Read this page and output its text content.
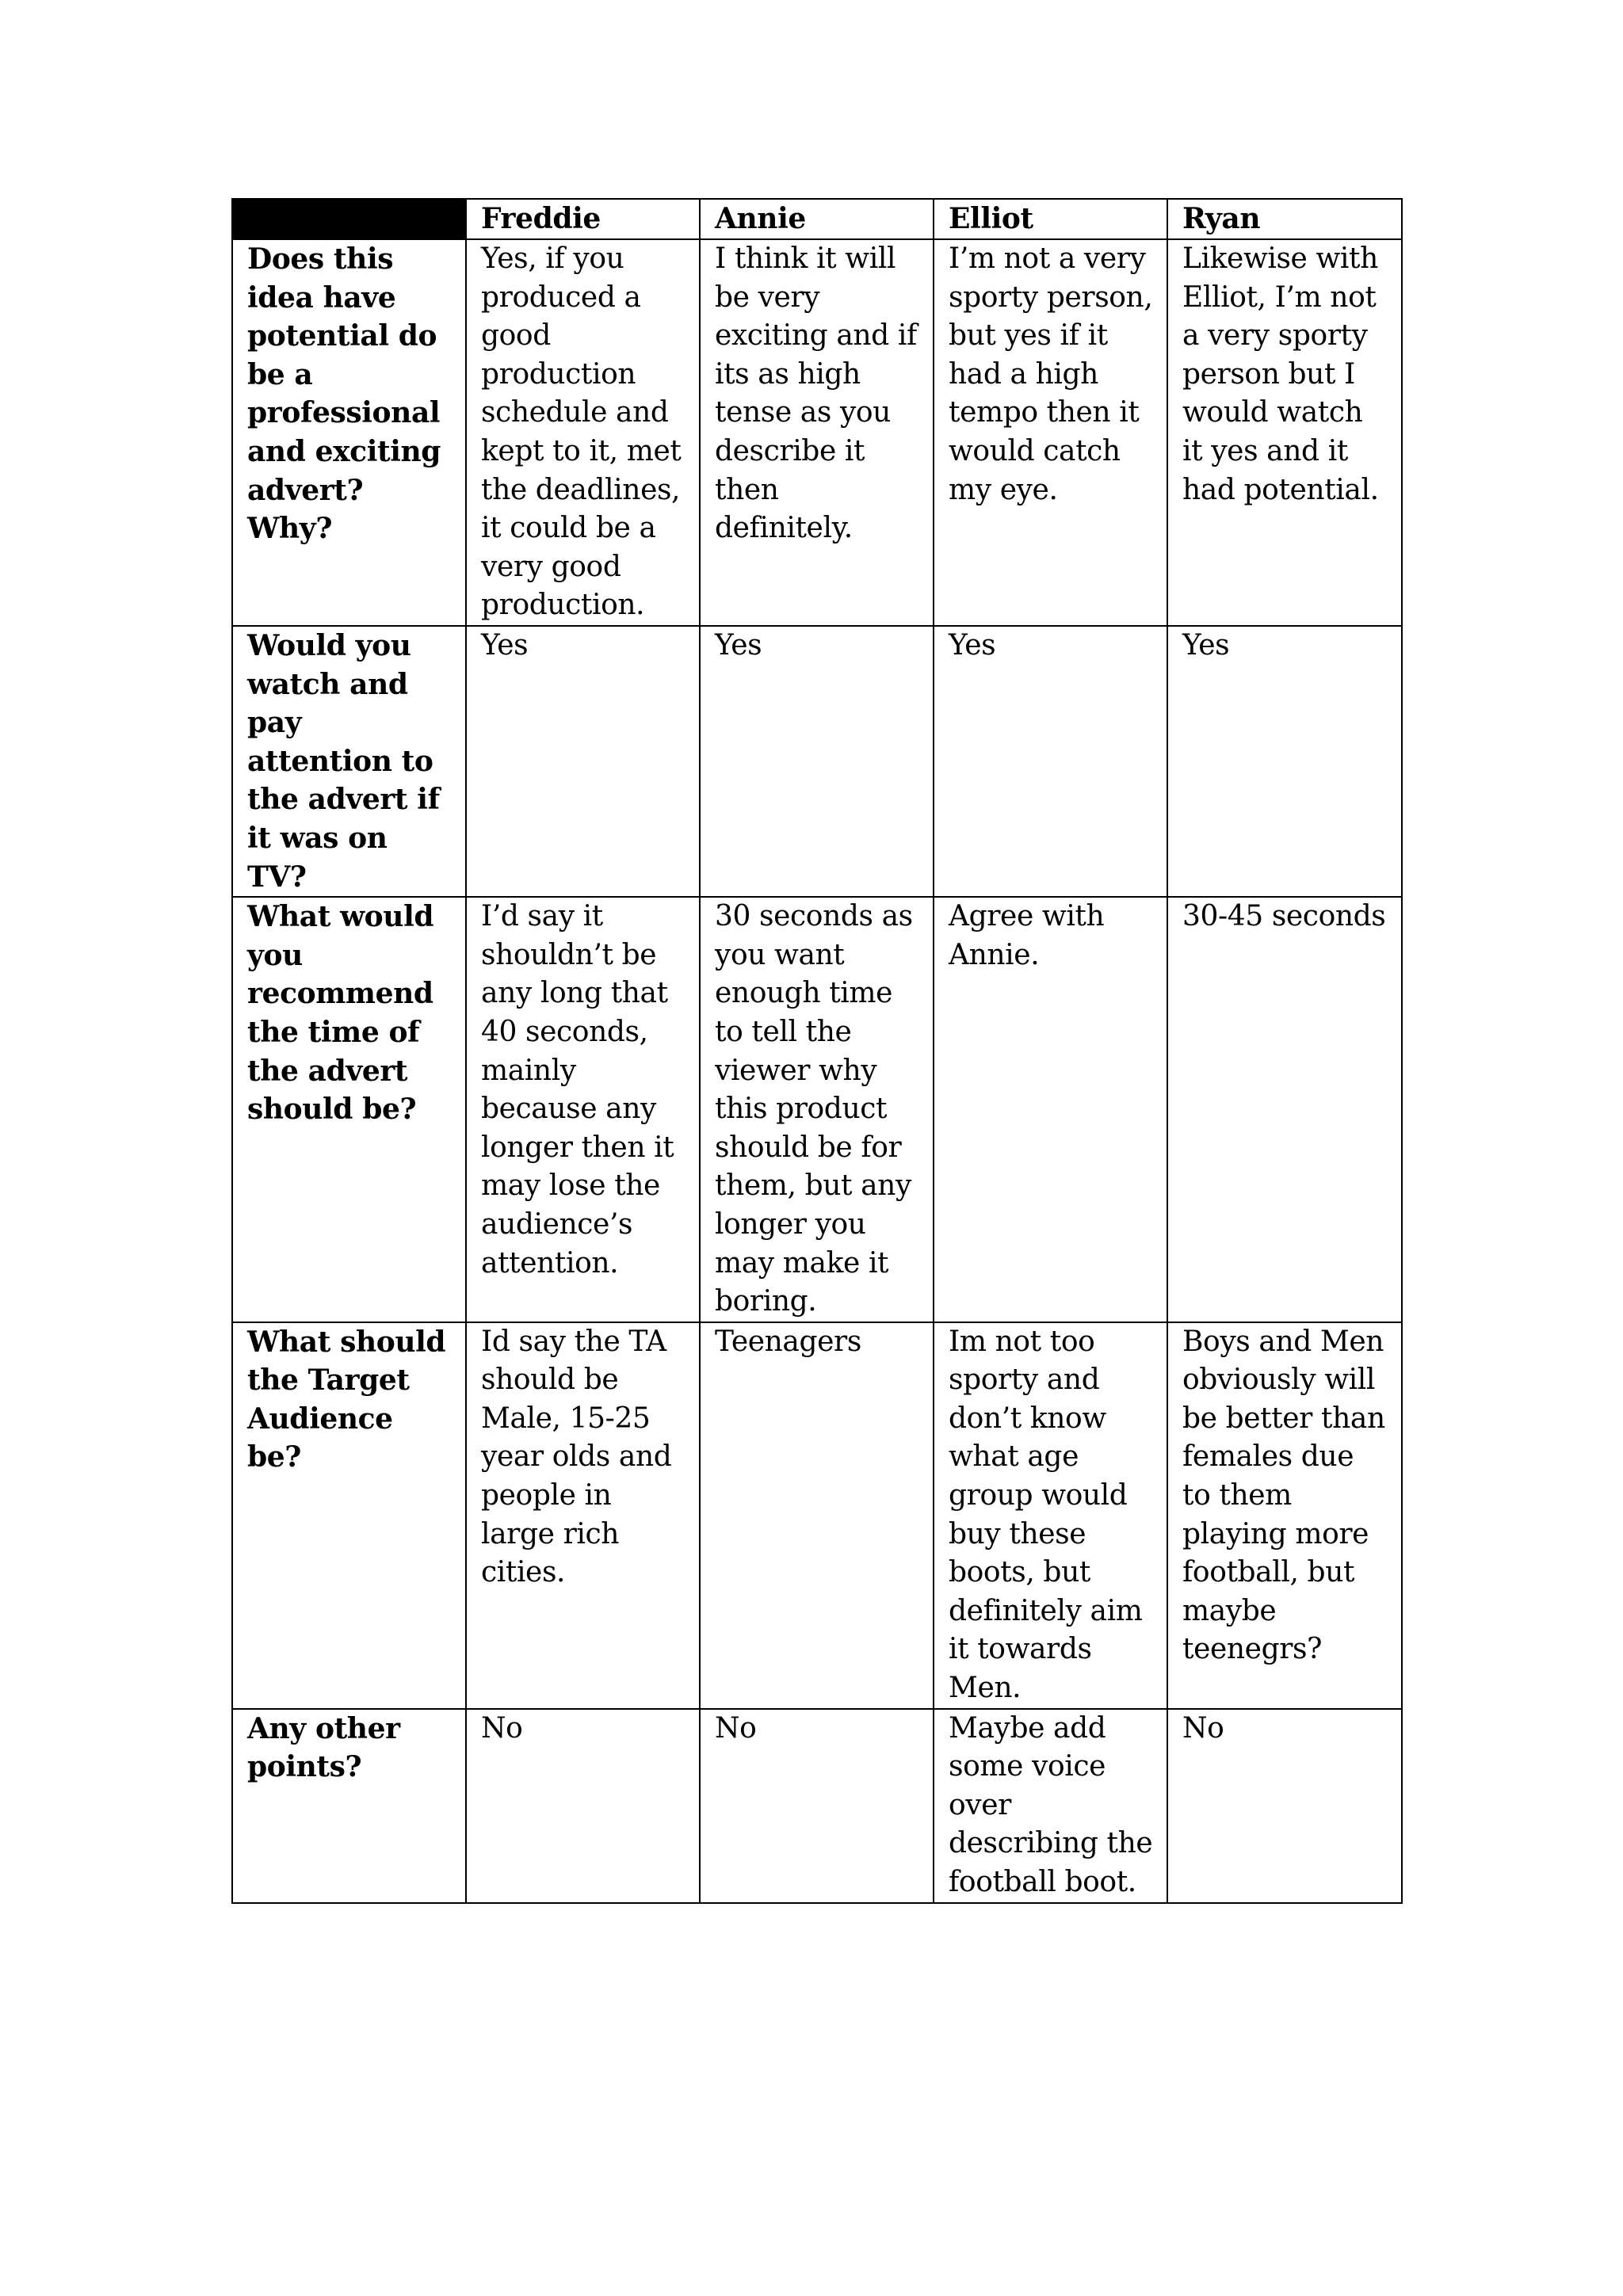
	Freddie	Annie	Elliot	Ryan
Does this idea have potential do be a professional and exciting advert? Why?	Yes, if you produced a good production schedule and kept to it, met the deadlines, it could be a very good production.	I think it will be very exciting and if its as high tense as you describe it then definitely.	I’m not a very sporty person, but yes if it had a high tempo then it would catch my eye.	Likewise with Elliot, I’m not a very sporty person but I would watch it yes and it had potential.
Would you watch and pay attention to the advert if it was on TV?	Yes	Yes	Yes	Yes
What would you recommend the time of the advert should be?	I’d say it shouldn’t be any long that 40 seconds, mainly because any longer then it may lose the audience’s attention.	30 seconds as you want enough time to tell the viewer why this product should be for them, but any longer you may make it boring.	Agree with Annie.	30-45 seconds
What should the Target Audience be?	Id say the TA should be Male, 15-25 year olds and people in large rich cities.	Teenagers	Im not too sporty and don’t know what age group would buy these boots, but definitely aim it towards Men.	Boys and Men obviously will be better than females due to them playing more football, but maybe teenegrs?
Any other points?	No	No	Maybe add some voice over describing the football boot.	No
